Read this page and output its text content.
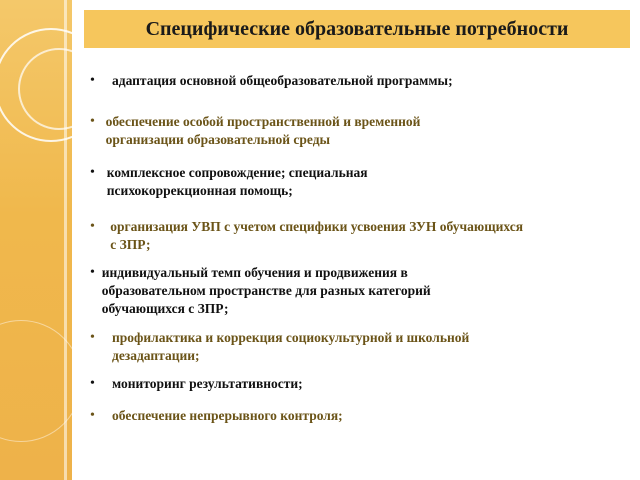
Специфические образовательные потребности
•	адаптация основной общеобразовательной программы;
• обеспечение особой пространственной и временной организации образовательной среды
• комплексное сопровождение; специальная психокоррекционная помощь;
•	организация УВП с учетом специфики усвоения ЗУН обучающихся с ЗПР;
• индивидуальный темп обучения и продвижения в образовательном пространстве для разных категорий обучающихся с ЗПР;
•	профилактика и коррекция социокультурной и школьной дезадаптации;
•	мониторинг результативности;
•	обеспечение непрерывного контроля;
